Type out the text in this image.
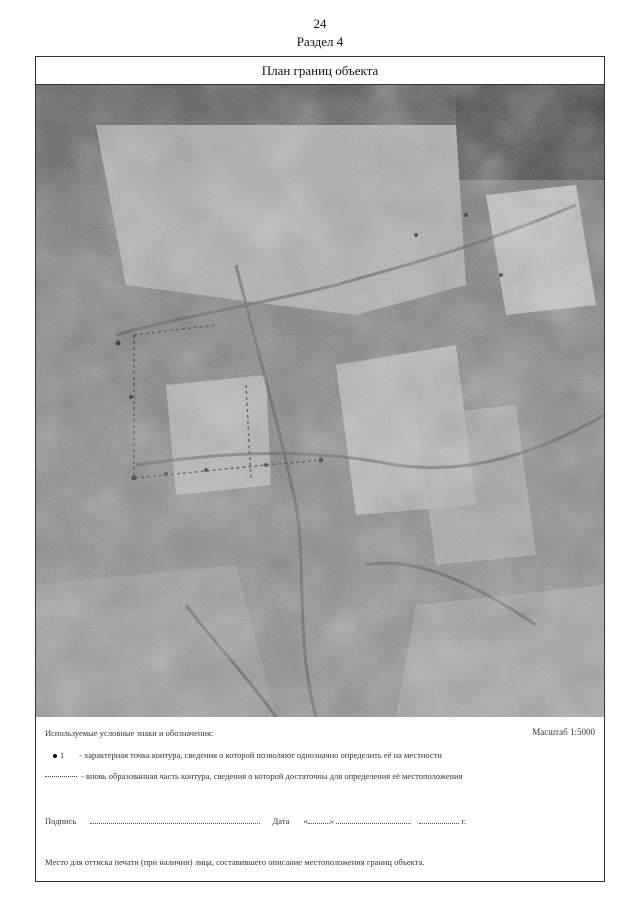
24
Раздел 4
План границ объекта
Используемые условные знаки и обозначения:	Масштаб 1:5000
1 - характерная точка контура, сведения о которой позволяют однозначно определить её на местности
- вновь образованная часть контура, сведения о которой достаточны для определения её местоположения
Подпись	Дата «	»	г.
Место для оттиска печати (при наличии) лица, составившего описание местоположения границ объекта.
